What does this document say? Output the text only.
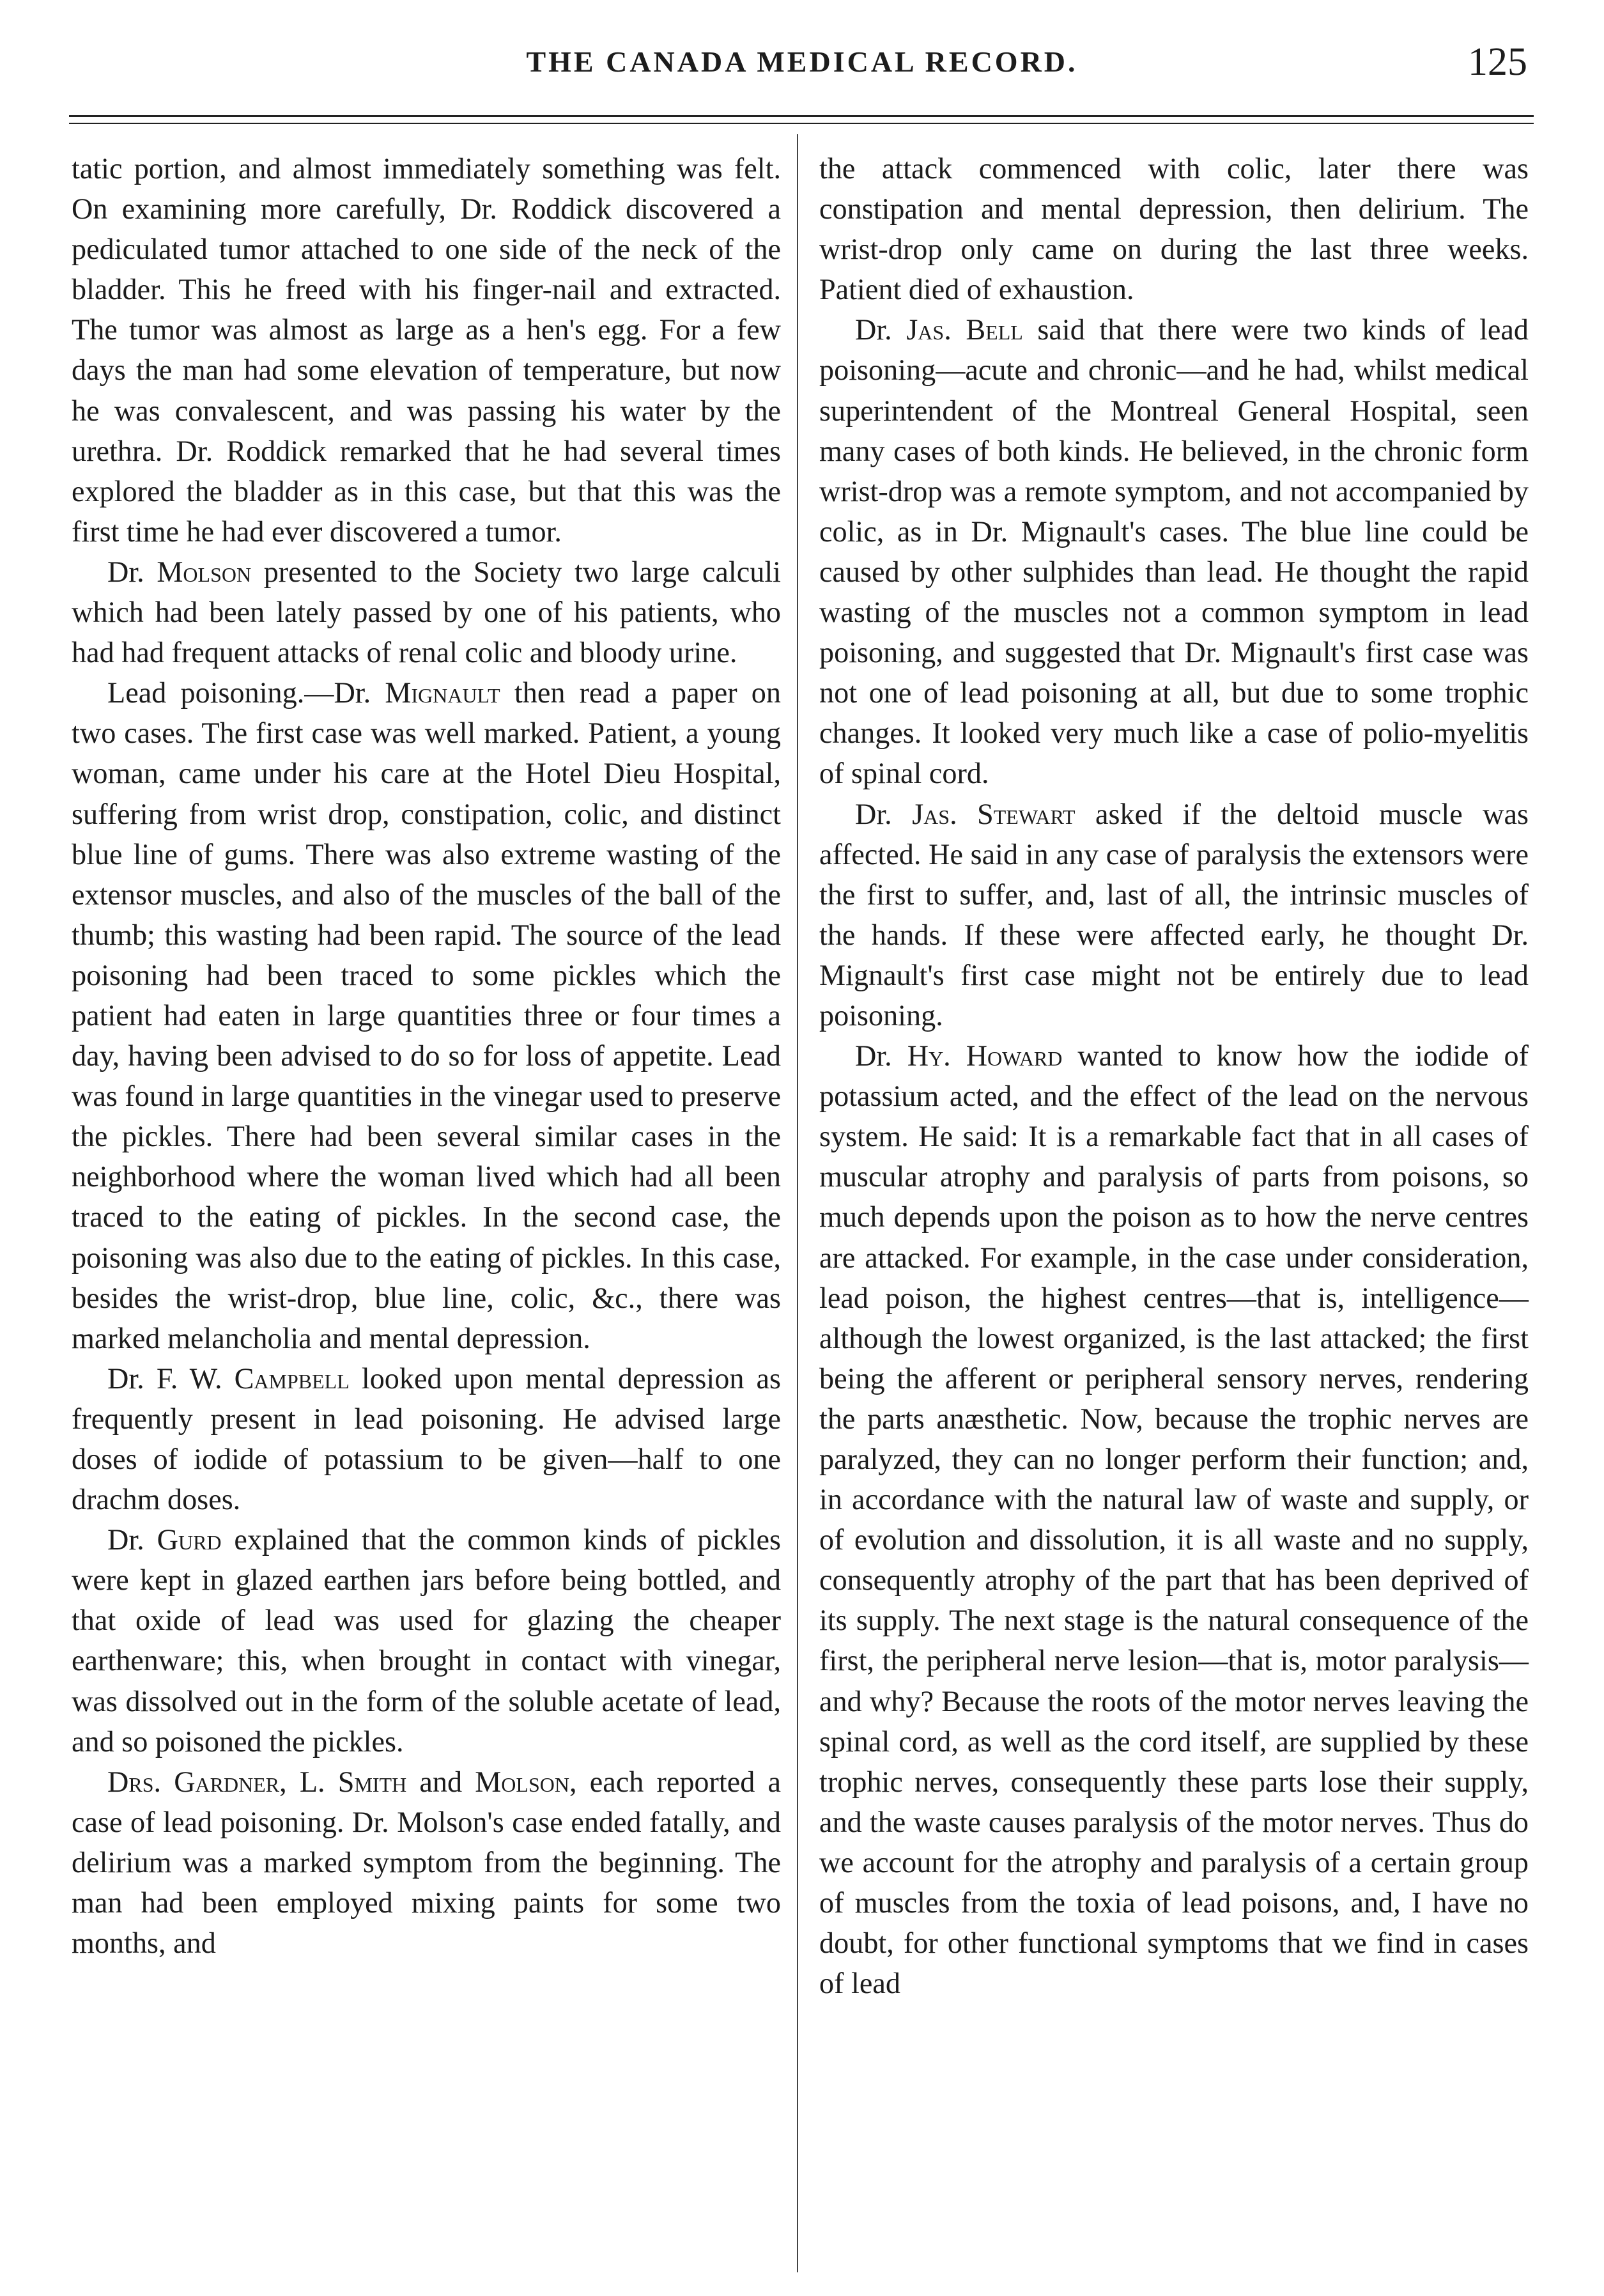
THE CANADA MEDICAL RECORD.	125

tatic portion, and almost immediately something was felt. On examining more carefully, Dr. Roddick discovered a pediculated tumor attached to one side of the neck of the bladder. This he freed with his finger-nail and extracted. The tumor was almost as large as a hen's egg. For a few days the man had some elevation of temperature, but now he was convalescent, and was passing his water by the urethra. Dr. Roddick remarked that he had several times explored the bladder as in this case, but that this was the first time he had ever discovered a tumor.

Dr. Molson presented to the Society two large calculi which had been lately passed by one of his patients, who had had frequent attacks of renal colic and bloody urine.

Lead poisoning.—Dr. Mignault then read a paper on two cases. The first case was well marked. Patient, a young woman, came under his care at the Hotel Dieu Hospital, suffering from wrist drop, constipation, colic, and distinct blue line of gums. There was also extreme wasting of the extensor muscles, and also of the muscles of the ball of the thumb; this wasting had been rapid. The source of the lead poisoning had been traced to some pickles which the patient had eaten in large quantities three or four times a day, having been advised to do so for loss of appetite. Lead was found in large quantities in the vinegar used to preserve the pickles. There had been several similar cases in the neighborhood where the woman lived which had all been traced to the eating of pickles. In the second case, the poisoning was also due to the eating of pickles. In this case, besides the wrist-drop, blue line, colic, &c., there was marked melancholia and mental depression.

Dr. F. W. Campbell looked upon mental depression as frequently present in lead poisoning. He advised large doses of iodide of potassium to be given—half to one drachm doses.

Dr. Gurd explained that the common kinds of pickles were kept in glazed earthen jars before being bottled, and that oxide of lead was used for glazing the cheaper earthenware; this, when brought in contact with vinegar, was dissolved out in the form of the soluble acetate of lead, and so poisoned the pickles.

Drs. Gardner, L. Smith and Molson, each reported a case of lead poisoning. Dr. Molson's case ended fatally, and delirium was a marked symptom from the beginning. The man had been employed mixing paints for some two months, and

the attack commenced with colic, later there was constipation and mental depression, then delirium. The wrist-drop only came on during the last three weeks. Patient died of exhaustion.

Dr. Jas. Bell said that there were two kinds of lead poisoning—acute and chronic—and he had, whilst medical superintendent of the Montreal General Hospital, seen many cases of both kinds. He believed, in the chronic form wrist-drop was a remote symptom, and not accompanied by colic, as in Dr. Mignault's cases. The blue line could be caused by other sulphides than lead. He thought the rapid wasting of the muscles not a common symptom in lead poisoning, and suggested that Dr. Mignault's first case was not one of lead poisoning at all, but due to some trophic changes. It looked very much like a case of polio-myelitis of spinal cord.

Dr. Jas. Stewart asked if the deltoid muscle was affected. He said in any case of paralysis the extensors were the first to suffer, and, last of all, the intrinsic muscles of the hands. If these were affected early, he thought Dr. Mignault's first case might not be entirely due to lead poisoning.

Dr. Hy. Howard wanted to know how the iodide of potassium acted, and the effect of the lead on the nervous system. He said: It is a remarkable fact that in all cases of muscular atrophy and paralysis of parts from poisons, so much depends upon the poison as to how the nerve centres are attacked. For example, in the case under consideration, lead poison, the highest centres—that is, intelligence—although the lowest organized, is the last attacked; the first being the afferent or peripheral sensory nerves, rendering the parts anæsthetic. Now, because the trophic nerves are paralyzed, they can no longer perform their function; and, in accordance with the natural law of waste and supply, or of evolution and dissolution, it is all waste and no supply, consequently atrophy of the part that has been deprived of its supply. The next stage is the natural consequence of the first, the peripheral nerve lesion—that is, motor paralysis—and why? Because the roots of the motor nerves leaving the spinal cord, as well as the cord itself, are supplied by these trophic nerves, consequently these parts lose their supply, and the waste causes paralysis of the motor nerves. Thus do we account for the atrophy and paralysis of a certain group of muscles from the toxia of lead poisons, and, I have no doubt, for other functional symptoms that we find in cases of lead
